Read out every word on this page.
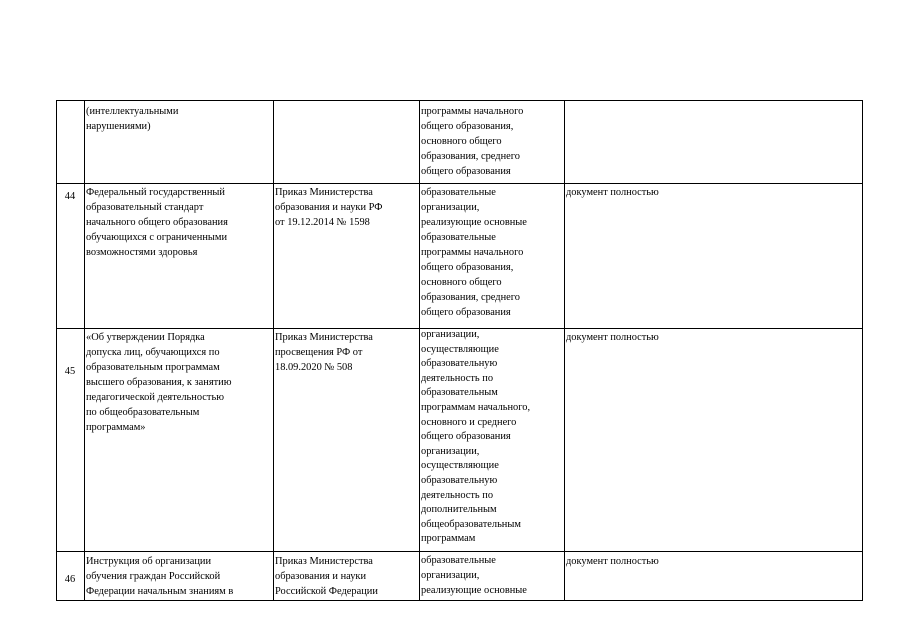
(интеллектуальными
нарушениями)
программы начального
общего образования,
основного общего
образования, среднего
общего образования
44	Федеральный государственный
образовательный стандарт
начального общего образования
обучающихся с ограниченными
возможностями здоровья
Приказ Министерства
образования и науки РФ
от 19.12.2014 № 1598
образовательные
организации,
реализующие основные
образовательные
программы начального
общего образования,
основного общего
образования, среднего
общего образования
документ полностью
45
«Об утверждении Порядка
допуска лиц, обучающихся по
образовательным программам
высшего образования, к занятию
педагогической деятельностью
по общеобразовательным
программам»
Приказ Министерства
просвещения РФ от
18.09.2020 № 508
организации,
осуществляющие
образовательную
деятельность по
образовательным
программам начального,
основного и среднего
общего образования
организации,
осуществляющие
образовательную
деятельность по
дополнительным
общеобразовательным
программам
документ полностью
46
Инструкция об организации
обучения граждан Российской
Федерации начальным знаниям в
Приказ Министерства
образования и науки
Российской Федерации
образовательные
организации,
реализующие основные
документ полностью
